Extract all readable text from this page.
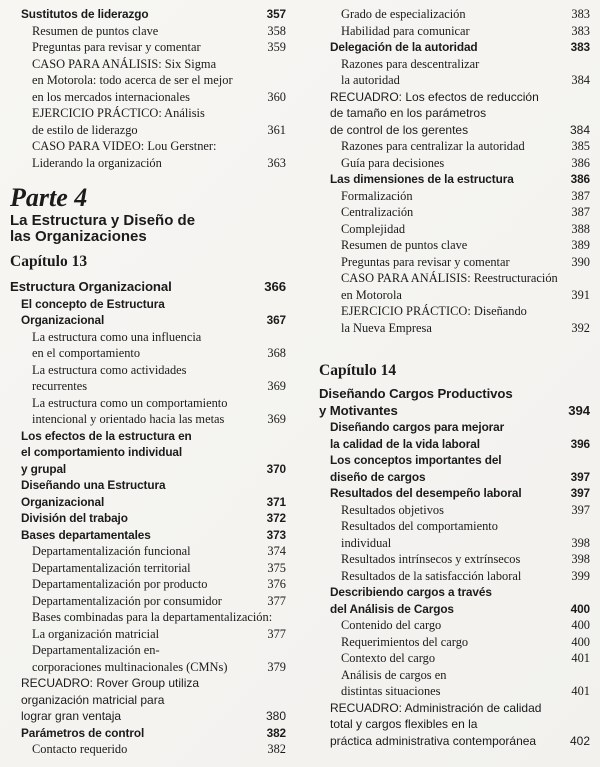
Sustitutos de liderazgo	357
Resumen de puntos clave	358
Preguntas para revisar y comentar	359
CASO PARA ANÁLISIS: Six Sigma
en Motorola: todo acerca de ser el mejor
en los mercados internacionales	360
EJERCICIO PRÁCTICO: Análisis
de estilo de liderazgo	361
CASO PARA VIDEO: Lou Gerstner:
Liderando la organización	363
Parte 4
La Estructura y Diseño de
las Organizaciones
Capítulo 13
Estructura Organizacional	366
El concepto de Estructura
Organizacional	367
La estructura como una influencia
en el comportamiento	368
La estructura como actividades
recurrentes	369
La estructura como un comportamiento
intencional y orientado hacia las metas	369
Los efectos de la estructura en
el comportamiento individual
y grupal	370
Diseñando una Estructura
Organizacional	371
División del trabajo	372
Bases departamentales	373
Departamentalización funcional	374
Departamentalización territorial	375
Departamentalización por producto	376
Departamentalización por consumidor	377
Bases combinadas para la departamentalización:
La organización matricial	377
Departamentalización en-
corporaciones multinacionales (CMNs)	379
RECUADRO: Rover Group utiliza
organización matricial para
lograr gran ventaja	380
Parámetros de control	382
Contacto requerido	382
Grado de especialización	383
Habilidad para comunicar	383
Delegación de la autoridad	383
Razones para descentralizar
la autoridad	384
RECUADRO: Los efectos de reducción
de tamaño en los parámetros
de control de los gerentes	384
Razones para centralizar la autoridad	385
Guía para decisiones	386
Las dimensiones de la estructura	386
Formalización	387
Centralización	387
Complejidad	388
Resumen de puntos clave	389
Preguntas para revisar y comentar	390
CASO PARA ANÁLISIS: Reestructuración
en Motorola	391
EJERCICIO PRÁCTICO: Diseñando
la Nueva Empresa	392
Capítulo 14
Diseñando Cargos Productivos
y Motivantes	394
Diseñando cargos para mejorar
la calidad de la vida laboral	396
Los conceptos importantes del
diseño de cargos	397
Resultados del desempeño laboral	397
Resultados objetivos	397
Resultados del comportamiento
individual	398
Resultados intrínsecos y extrínsecos	398
Resultados de la satisfacción laboral	399
Describiendo cargos a través
del Análisis de Cargos	400
Contenido del cargo	400
Requerimientos del cargo	400
Contexto del cargo	401
Análisis de cargos en
distintas situaciones	401
RECUADRO: Administración de calidad
total y cargos flexibles en la
práctica administrativa contemporánea	402
